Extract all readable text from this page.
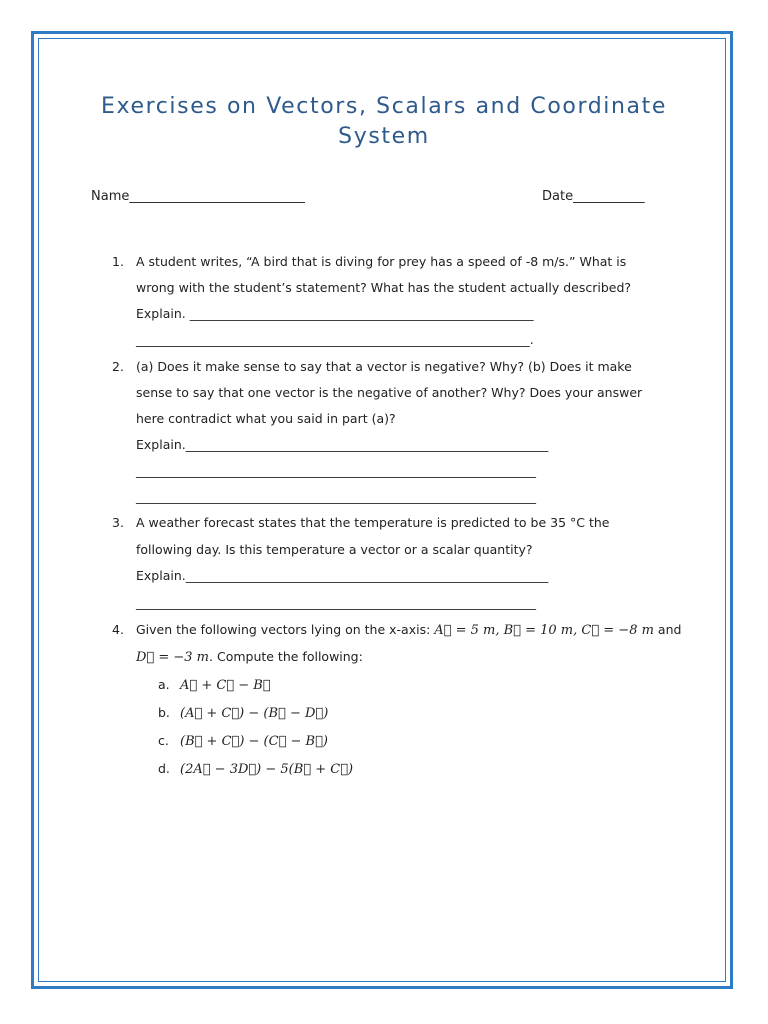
Exercises on Vectors, Scalars and Coordinate System
Name___________________________	Date___________
1. A student writes, “A bird that is diving for prey has a speed of -8 m/s.” What is
wrong with the student’s statement? What has the student actually described?
Explain. _______________________________________________________
_______________________________________________________________.
2. (a) Does it make sense to say that a vector is negative? Why? (b) Does it make
sense to say that one vector is the negative of another? Why? Does your answer
here contradict what you said in part (a)?
Explain.__________________________________________________________
________________________________________________________________
________________________________________________________________
3. A weather forecast states that the temperature is predicted to be 35 °C the
following day. Is this temperature a vector or a scalar quantity?
Explain.__________________________________________________________
________________________________________________________________
4. Given the following vectors lying on the x-axis: A⃗ = 5 m, B⃗ = 10 m, C⃗ = −8 m and
D⃗ = −3 m. Compute the following:
a. A⃗ + C⃗ − B⃗
b. (A⃗ + C⃗) − (B⃗ − D⃗)
c. (B⃗ + C⃗) − (C⃗ − B⃗)
d. (2A⃗ − 3D⃗) − 5(B⃗ + C⃗)
